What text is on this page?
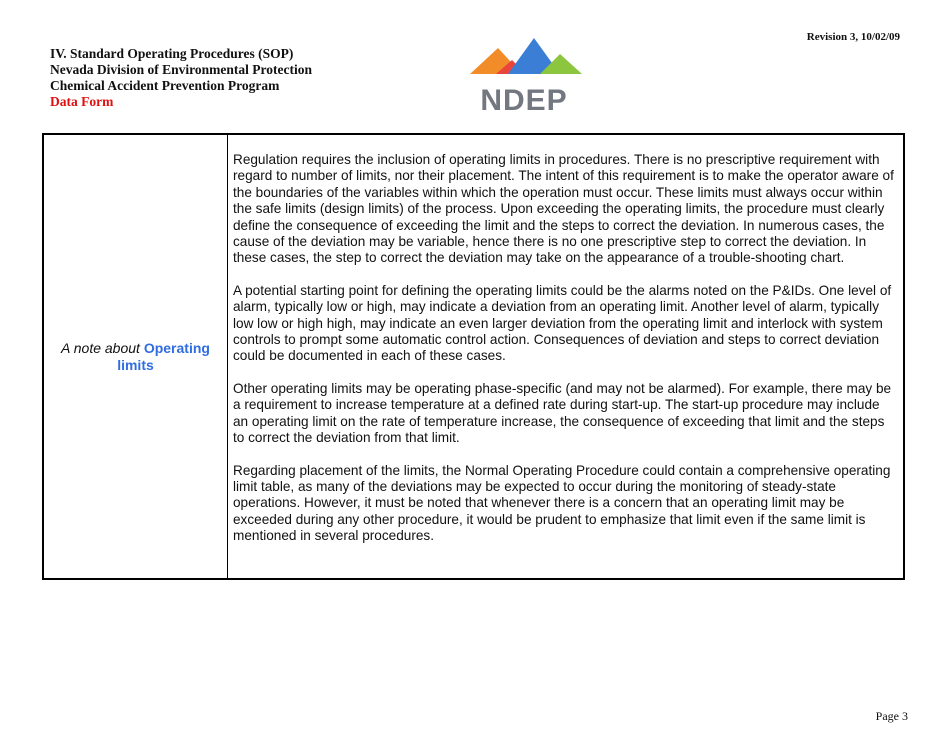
IV. Standard Operating Procedures (SOP)
Nevada Division of Environmental Protection
Chemical Accident Prevention Program
Data Form
Revision 3, 10/02/09
NDEP
A note about Operating limits

Regulation requires the inclusion of operating limits in procedures. There is no prescriptive requirement with regard to number of limits, nor their placement. The intent of this requirement is to make the operator aware of the boundaries of the variables within which the operation must occur. These limits must always occur within the safe limits (design limits) of the process. Upon exceeding the operating limits, the procedure must clearly define the consequence of exceeding the limit and the steps to correct the deviation. In numerous cases, the cause of the deviation may be variable, hence there is no one prescriptive step to correct the deviation. In these cases, the step to correct the deviation may take on the appearance of a trouble-shooting chart.

A potential starting point for defining the operating limits could be the alarms noted on the P&IDs. One level of alarm, typically low or high, may indicate a deviation from an operating limit. Another level of alarm, typically low low or high high, may indicate an even larger deviation from the operating limit and interlock with system controls to prompt some automatic control action. Consequences of deviation and steps to correct deviation could be documented in each of these cases.

Other operating limits may be operating phase-specific (and may not be alarmed). For example, there may be a requirement to increase temperature at a defined rate during start-up. The start-up procedure may include an operating limit on the rate of temperature increase, the consequence of exceeding that limit and the steps to correct the deviation from that limit.

Regarding placement of the limits, the Normal Operating Procedure could contain a comprehensive operating limit table, as many of the deviations may be expected to occur during the monitoring of steady-state operations. However, it must be noted that whenever there is a concern that an operating limit may be exceeded during any other procedure, it would be prudent to emphasize that limit even if the same limit is mentioned in several procedures.

Page 3
